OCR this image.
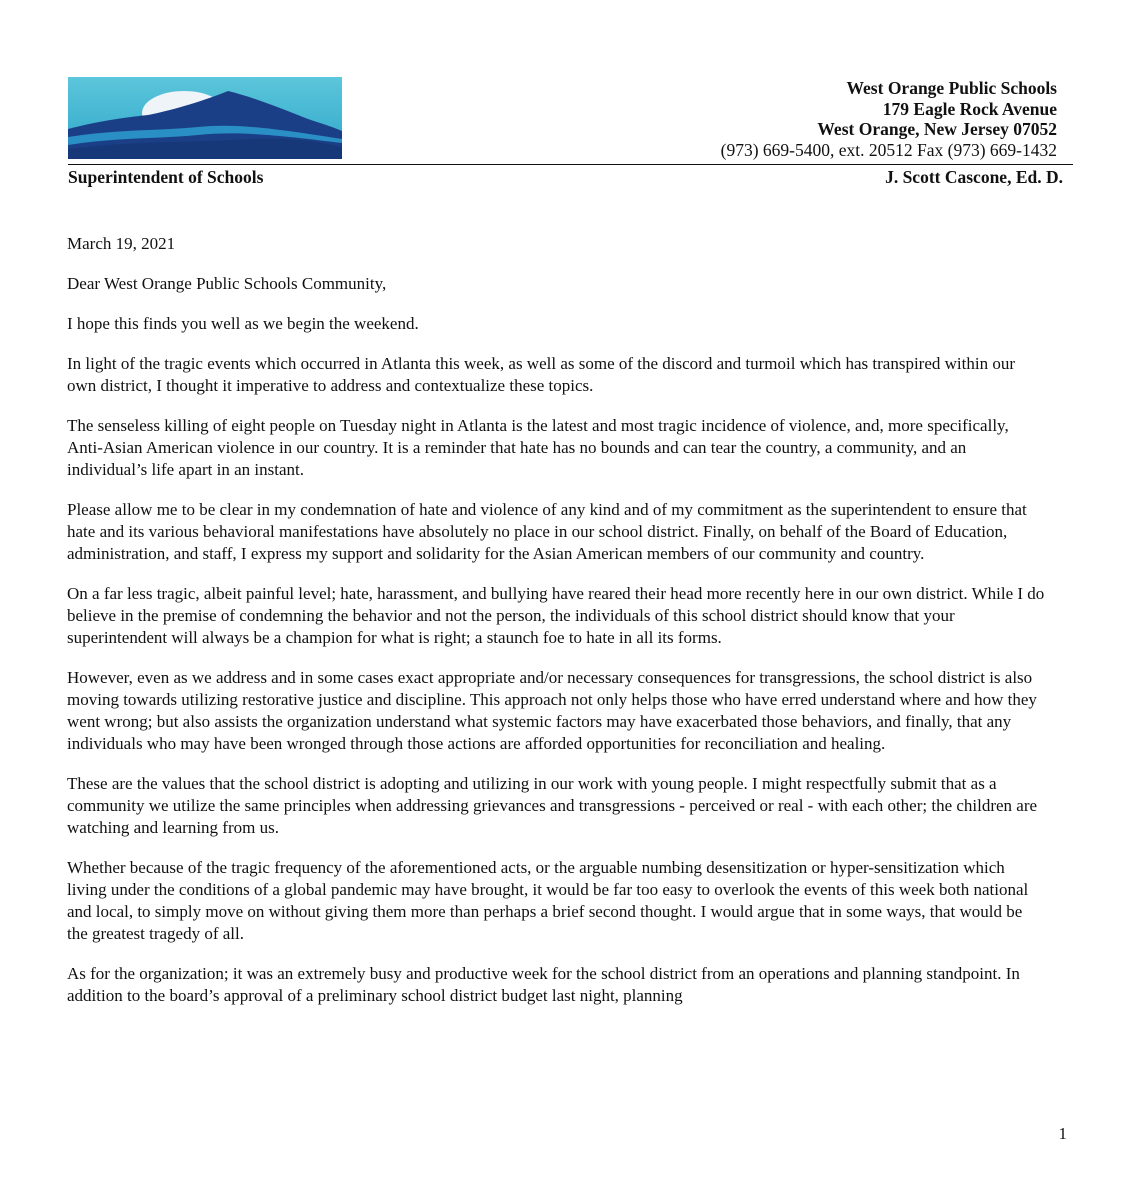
West Orange Public Schools
179 Eagle Rock Avenue
West Orange, New Jersey 07052
(973) 669-5400, ext. 20512 Fax (973) 669-1432
Superintendent of Schools	J. Scott Cascone, Ed. D.

March 19, 2021

Dear West Orange Public Schools Community,

I hope this finds you well as we begin the weekend.

In light of the tragic events which occurred in Atlanta this week, as well as some of the discord and turmoil which has transpired within our own district, I thought it imperative to address and contextualize these topics.

The senseless killing of eight people on Tuesday night in Atlanta is the latest and most tragic incidence of violence, and, more specifically, Anti-Asian American violence in our country. It is a reminder that hate has no bounds and can tear the country, a community, and an individual’s life apart in an instant.

Please allow me to be clear in my condemnation of hate and violence of any kind and of my commitment as the superintendent to ensure that hate and its various behavioral manifestations have absolutely no place in our school district. Finally, on behalf of the Board of Education, administration, and staff, I express my support and solidarity for the Asian American members of our community and country.

On a far less tragic, albeit painful level; hate, harassment, and bullying have reared their head more recently here in our own district. While I do believe in the premise of condemning the behavior and not the person, the individuals of this school district should know that your superintendent will always be a champion for what is right; a staunch foe to hate in all its forms.

However, even as we address and in some cases exact appropriate and/or necessary consequences for transgressions, the school district is also moving towards utilizing restorative justice and discipline. This approach not only helps those who have erred understand where and how they went wrong; but also assists the organization understand what systemic factors may have exacerbated those behaviors, and finally, that any individuals who may have been wronged through those actions are afforded opportunities for reconciliation and healing.

These are the values that the school district is adopting and utilizing in our work with young people. I might respectfully submit that as a community we utilize the same principles when addressing grievances and transgressions - perceived or real - with each other; the children are watching and learning from us.

Whether because of the tragic frequency of the aforementioned acts, or the arguable numbing desensitization or hyper-sensitization which living under the conditions of a global pandemic may have brought, it would be far too easy to overlook the events of this week both national and local, to simply move on without giving them more than perhaps a brief second thought. I would argue that in some ways, that would be the greatest tragedy of all.

As for the organization; it was an extremely busy and productive week for the school district from an operations and planning standpoint. In addition to the board’s approval of a preliminary school district budget last night, planning

1
